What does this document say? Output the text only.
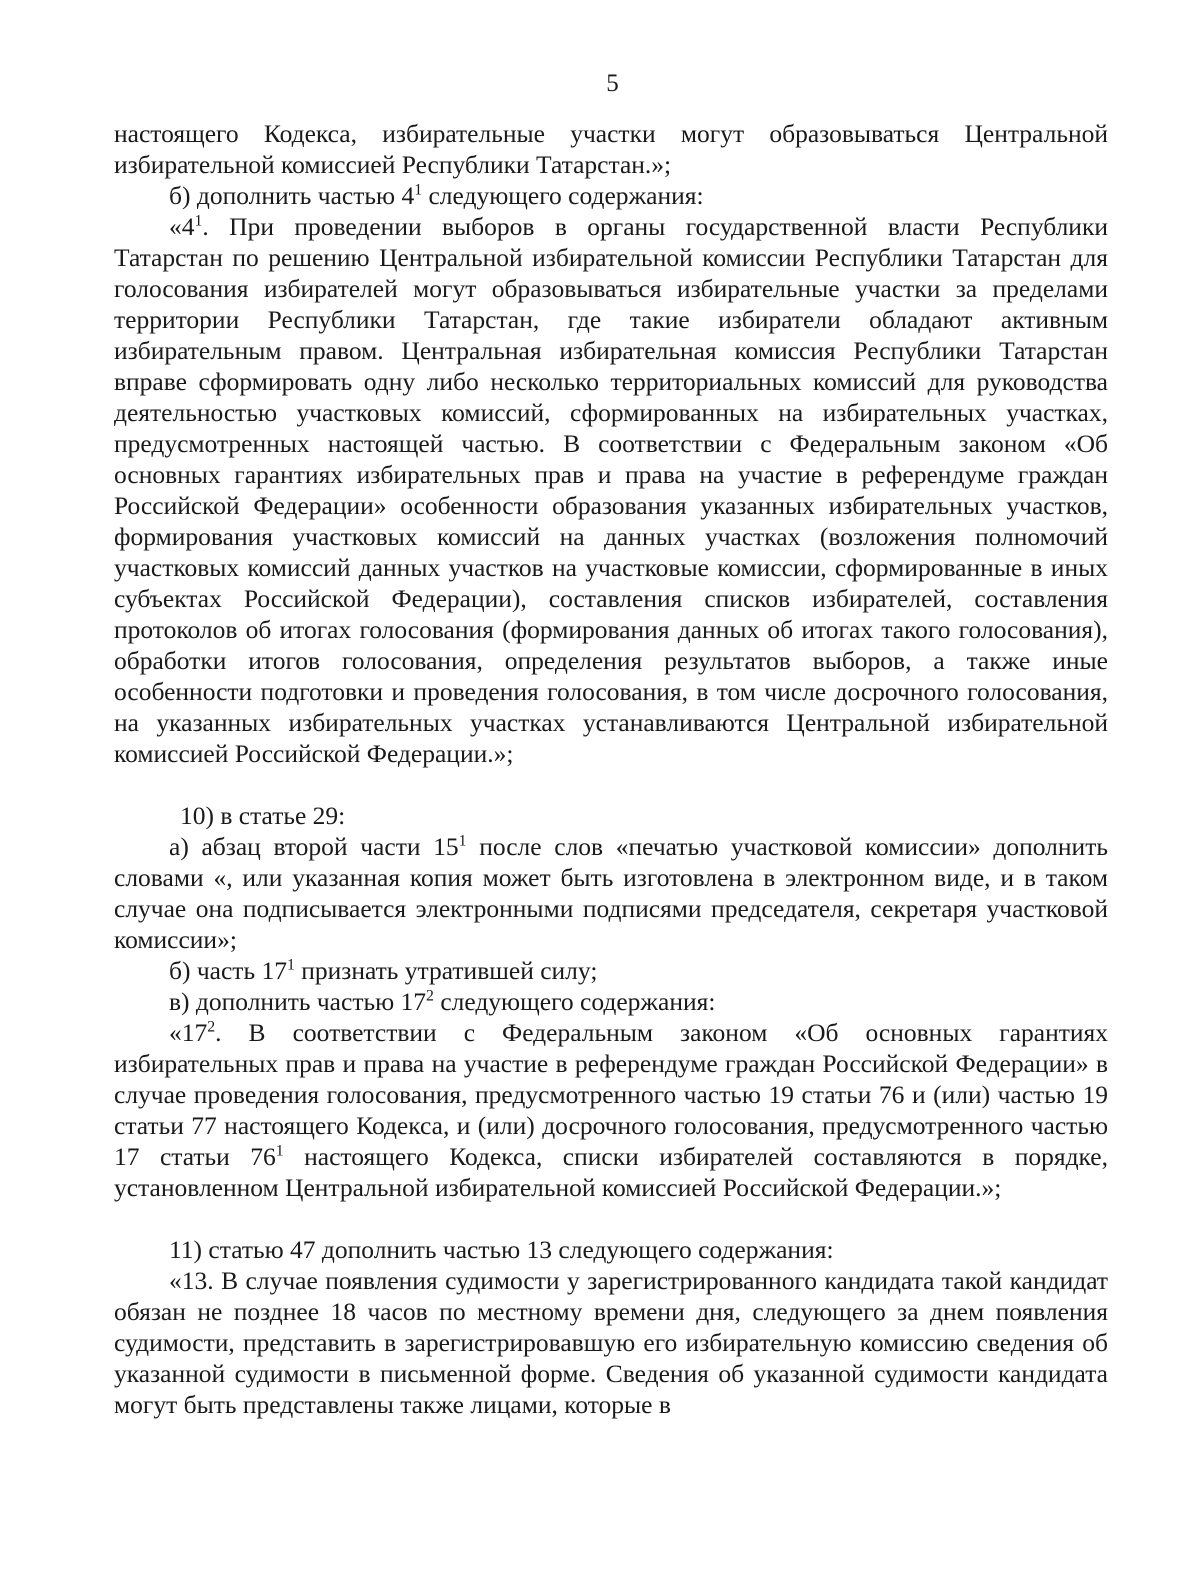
5

настоящего Кодекса, избирательные участки могут образовываться Центральной избирательной комиссией Республики Татарстан.»;

б) дополнить частью $4^1$ следующего содержания:

«$4^1$. При проведении выборов в органы государственной власти Республики Татарстан по решению Центральной избирательной комиссии Республики Татарстан для голосования избирателей могут образовываться избирательные участки за пределами территории Республики Татарстан, где такие избиратели обладают активным избирательным правом. Центральная избирательная комиссия Республики Татарстан вправе сформировать одну либо несколько территориальных комиссий для руководства деятельностью участковых комиссий, сформированных на избирательных участках, предусмотренных настоящей частью. В соответствии с Федеральным законом «Об основных гарантиях избирательных прав и права на участие в референдуме граждан Российской Федерации» особенности образования указанных избирательных участков, формирования участковых комиссий на данных участках (возложения полномочий участковых комиссий данных участков на участковые комиссии, сформированные в иных субъектах Российской Федерации), составления списков избирателей, составления протоколов об итогах голосования (формирования данных об итогах такого голосования), обработки итогов голосования, определения результатов выборов, а также иные особенности подготовки и проведения голосования, в том числе досрочного голосования, на указанных избирательных участках устанавливаются Центральной избирательной комиссией Российской Федерации.»;

10) в статье 29:

а) абзац второй части $15^1$ после слов «печатью участковой комиссии» дополнить словами «, или указанная копия может быть изготовлена в электронном виде, и в таком случае она подписывается электронными подписями председателя, секретаря участковой комиссии»;

б) часть $17^1$ признать утратившей силу;

в) дополнить частью $17^2$ следующего содержания:

«$17^2$. В соответствии с Федеральным законом «Об основных гарантиях избирательных прав и права на участие в референдуме граждан Российской Федерации» в случае проведения голосования, предусмотренного частью 19 статьи 76 и (или) частью 19 статьи 77 настоящего Кодекса, и (или) досрочного голосования, предусмотренного частью 17 статьи $76^1$ настоящего Кодекса, списки избирателей составляются в порядке, установленном Центральной избирательной комиссией Российской Федерации.»;

11) статью 47 дополнить частью 13 следующего содержания:

«13. В случае появления судимости у зарегистрированного кандидата такой кандидат обязан не позднее 18 часов по местному времени дня, следующего за днем появления судимости, представить в зарегистрировавшую его избирательную комиссию сведения об указанной судимости в письменной форме. Сведения об указанной судимости кандидата могут быть представлены также лицами, которые в
